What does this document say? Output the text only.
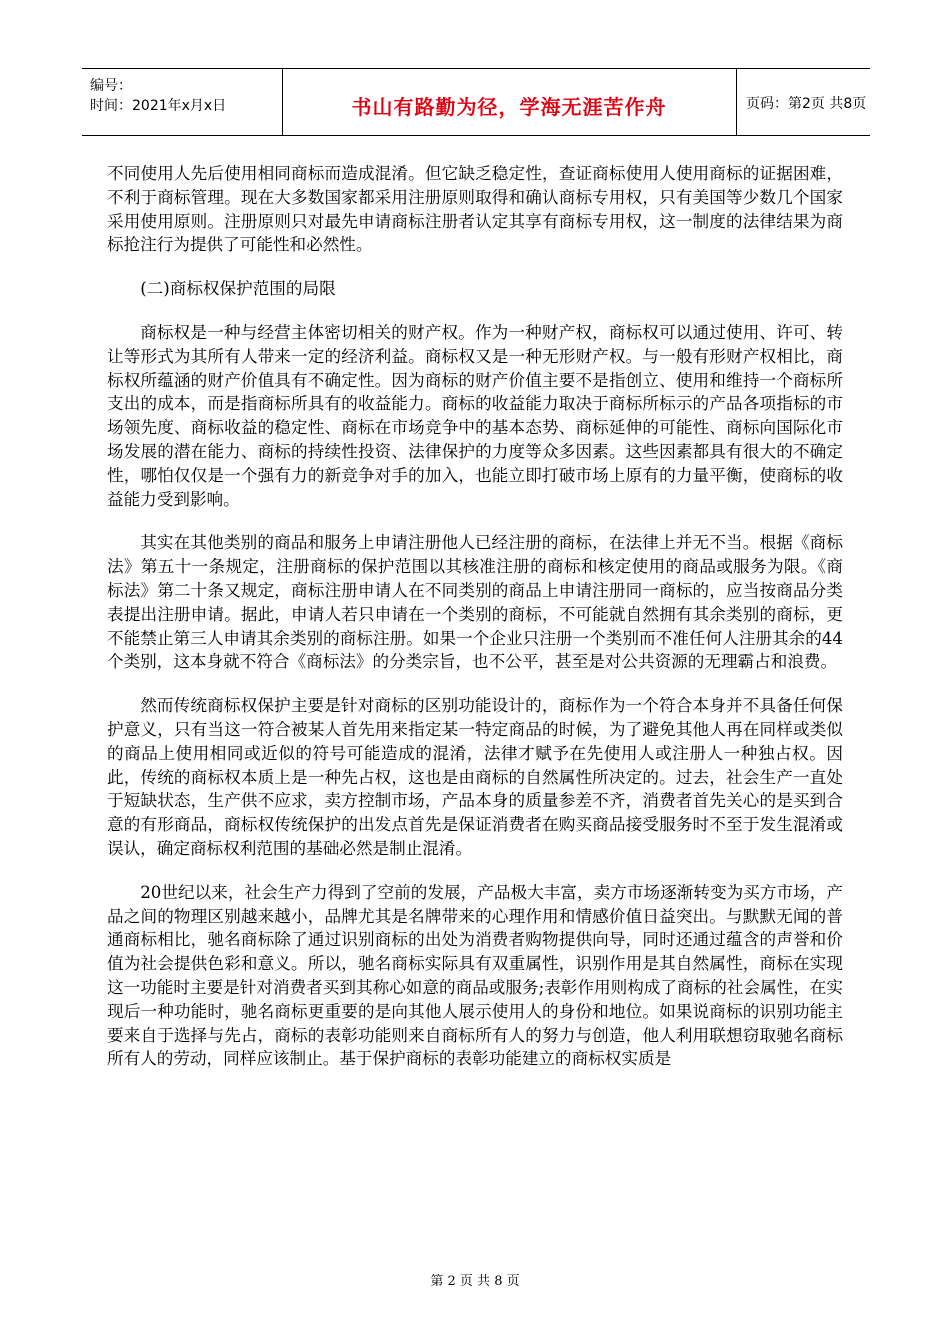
编号：
时间：2021年x月x日	书山有路勤为径，学海无涯苦作舟	页码：第2页 共8页

不同使用人先后使用相同商标而造成混淆。但它缺乏稳定性，查证商标使用人使用商标的证据困难，不利于商标管理。现在大多数国家都采用注册原则取得和确认商标专用权，只有美国等少数几个国家采用使用原则。注册原则只对最先申请商标注册者认定其享有商标专用权，这一制度的法律结果为商标抢注行为提供了可能性和必然性。

(二)商标权保护范围的局限

商标权是一种与经营主体密切相关的财产权。作为一种财产权，商标权可以通过使用、许可、转让等形式为其所有人带来一定的经济利益。商标权又是一种无形财产权。与一般有形财产权相比，商标权所蕴涵的财产价值具有不确定性。因为商标的财产价值主要不是指创立、使用和维持一个商标所支出的成本，而是指商标所具有的收益能力。商标的收益能力取决于商标所标示的产品各项指标的市场领先度、商标收益的稳定性、商标在市场竞争中的基本态势、商标延伸的可能性、商标向国际化市场发展的潜在能力、商标的持续性投资、法律保护的力度等众多因素。这些因素都具有很大的不确定性，哪怕仅仅是一个强有力的新竞争对手的加入，也能立即打破市场上原有的力量平衡，使商标的收益能力受到影响。

其实在其他类别的商品和服务上申请注册他人已经注册的商标，在法律上并无不当。根据《商标法》第五十一条规定，注册商标的保护范围以其核准注册的商标和核定使用的商品或服务为限。《商标法》第二十条又规定，商标注册申请人在不同类别的商品上申请注册同一商标的，应当按商品分类表提出注册申请。据此，申请人若只申请在一个类别的商标，不可能就自然拥有其余类别的商标，更不能禁止第三人申请其余类别的商标注册。如果一个企业只注册一个类别而不准任何人注册其余的44个类别，这本身就不符合《商标法》的分类宗旨，也不公平，甚至是对公共资源的无理霸占和浪费。

然而传统商标权保护主要是针对商标的区别功能设计的，商标作为一个符合本身并不具备任何保护意义，只有当这一符合被某人首先用来指定某一特定商品的时候，为了避免其他人再在同样或类似的商品上使用相同或近似的符号可能造成的混淆，法律才赋予在先使用人或注册人一种独占权。因此，传统的商标权本质上是一种先占权，这也是由商标的自然属性所决定的。过去，社会生产一直处于短缺状态，生产供不应求，卖方控制市场，产品本身的质量参差不齐，消费者首先关心的是买到合意的有形商品，商标权传统保护的出发点首先是保证消费者在购买商品接受服务时不至于发生混淆或误认，确定商标权利范围的基础必然是制止混淆。

20世纪以来，社会生产力得到了空前的发展，产品极大丰富，卖方市场逐渐转变为买方市场，产品之间的物理区别越来越小，品牌尤其是名牌带来的心理作用和情感价值日益突出。与默默无闻的普通商标相比，驰名商标除了通过识别商标的出处为消费者购物提供向导，同时还通过蕴含的声誉和价值为社会提供色彩和意义。所以，驰名商标实际具有双重属性，识别作用是其自然属性，商标在实现这一功能时主要是针对消费者买到其称心如意的商品或服务;表彰作用则构成了商标的社会属性，在实现后一种功能时，驰名商标更重要的是向其他人展示使用人的身份和地位。如果说商标的识别功能主要来自于选择与先占，商标的表彰功能则来自商标所有人的努力与创造，他人利用联想窃取驰名商标所有人的劳动，同样应该制止。基于保护商标的表彰功能建立的商标权实质是

第 2 页 共 8 页
